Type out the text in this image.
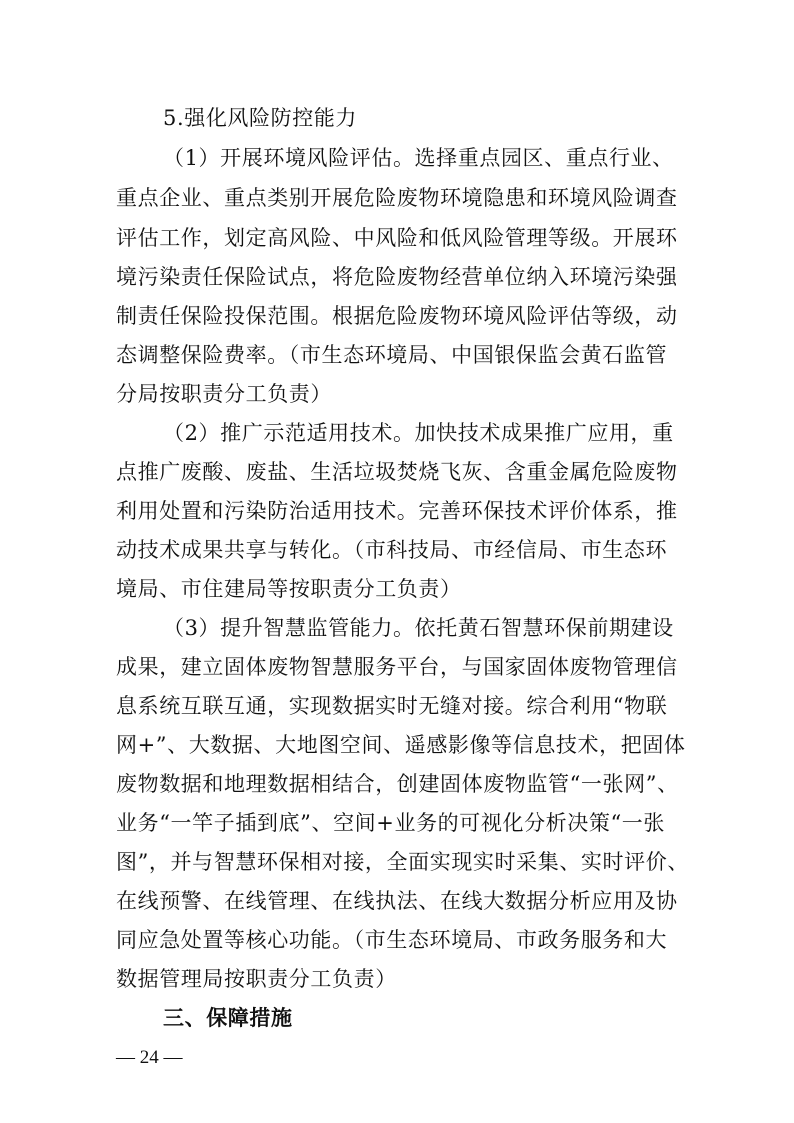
5.强化风险防控能力
（1）开展环境风险评估。选择重点园区、重点行业、
重点企业、重点类别开展危险废物环境隐患和环境风险调查
评估工作，划定高风险、中风险和低风险管理等级。开展环
境污染责任保险试点，将危险废物经营单位纳入环境污染强
制责任保险投保范围。根据危险废物环境风险评估等级，动
态调整保险费率。（市生态环境局、中国银保监会黄石监管
分局按职责分工负责）
（2）推广示范适用技术。加快技术成果推广应用，重
点推广废酸、废盐、生活垃圾焚烧飞灰、含重金属危险废物
利用处置和污染防治适用技术。完善环保技术评价体系，推
动技术成果共享与转化。（市科技局、市经信局、市生态环
境局、市住建局等按职责分工负责）
（3）提升智慧监管能力。依托黄石智慧环保前期建设
成果，建立固体废物智慧服务平台，与国家固体废物管理信
息系统互联互通，实现数据实时无缝对接。综合利用“物联
网+”、大数据、大地图空间、遥感影像等信息技术，把固体
废物数据和地理数据相结合，创建固体废物监管“一张网”、
业务“一竿子插到底”、空间+业务的可视化分析决策“一张
图”，并与智慧环保相对接，全面实现实时采集、实时评价、
在线预警、在线管理、在线执法、在线大数据分析应用及协
同应急处置等核心功能。（市生态环境局、市政务服务和大
数据管理局按职责分工负责）
三、保障措施
— 24 —
